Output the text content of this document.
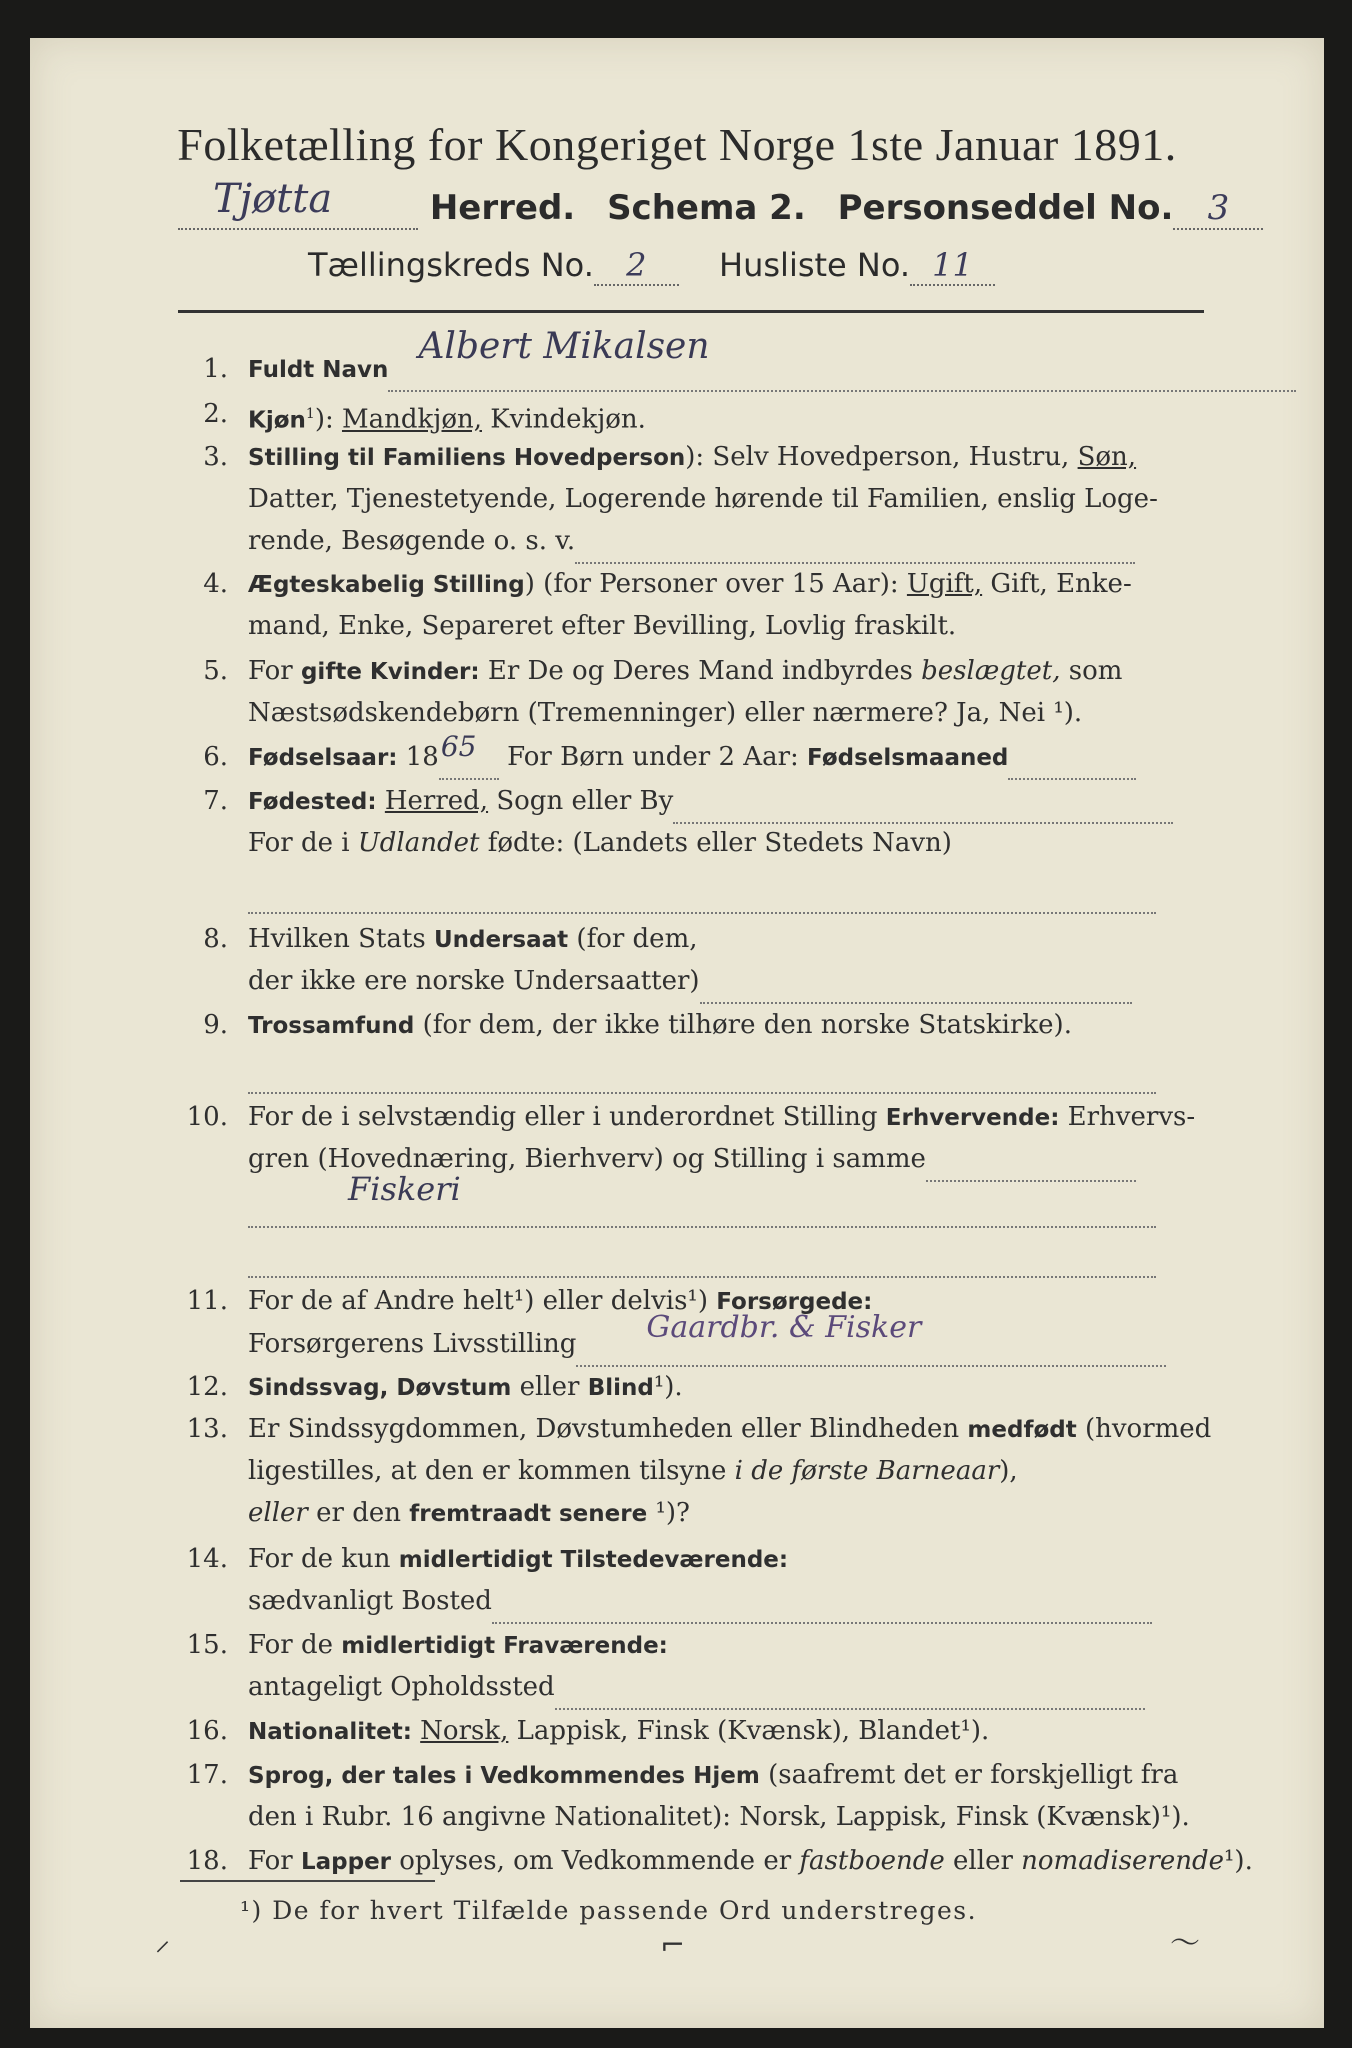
Folketælling for Kongeriget Norge 1ste Januar 1891.
Tjøtta	Herred. Schema 2. Personseddel No. 3
Tællingskreds No. 2 Husliste No. 11
1. Fuldt Navn
Albert Mikalsen

2. Kjøn$^1$): Mandkjøn, Kvindekjøn.
3. Stilling til Familiens Hovedperson): Selv Hovedperson, Hustru, Søn,
Datter, Tjenestetyende, Logerende hørende til Familien, enslig Loge-
rende, Besøgende o. s. v.
4. Ægteskabelig Stilling) (for Personer over 15 Aar): Ugift, Gift, Enke-
mand, Enke, Separeret efter Bevilling, Lovlig fraskilt.
5. For gifte Kvinder: Er De og Deres Mand indbyrdes beslægtet, som
Næstsødskendebørn (Tremenninger) eller nærmere? Ja, Nei ¹).
6. Fødselsaar: 18 65 For Børn under 2 Aar: Fødselsmaaned
7. Fødested: Herred, Sogn eller By
For de i Udlandet fødte: (Landets eller Stedets Navn)

8. Hvilken Stats Undersaat (for dem,
der ikke ere norske Undersaatter)
9. Trossamfund (for dem, der ikke tilhøre den norske Statskirke).

10. For de i selvstændig eller i underordnet Stilling Erhvervende: Erhvervs-
gren (Hovednæring, Bierhverv) og Stilling i samme
Fiskeri

11. For de af Andre helt¹) eller delvis¹) Forsørgede:
Forsørgerens Livsstilling Gaardbr. & Fisker

12. Sindssvag, Døvstum eller Blind¹).
13. Er Sindssygdommen, Døvstumheden eller Blindheden medfødt (hvormed
ligestilles, at den er kommen tilsyne i de første Barneaar),
eller er den fremtraadt senere ¹)?
14. For de kun midlertidigt Tilstedeværende:
sædvanligt Bosted
15. For de midlertidigt Fraværende:
antageligt Opholdssted
16. Nationalitet: Norsk, Lappisk, Finsk (Kvænsk), Blandet¹).
17. Sprog, der tales i Vedkommendes Hjem (saafremt det er forskjelligt fra
den i Rubr. 16 angivne Nationalitet): Norsk, Lappisk, Finsk (Kvænsk)¹).
18. For Lapper oplyses, om Vedkommende er fastboende eller nomadiserende¹).
¹) De for hvert Tilfælde passende Ord understreges.
⸝	⌐	～
